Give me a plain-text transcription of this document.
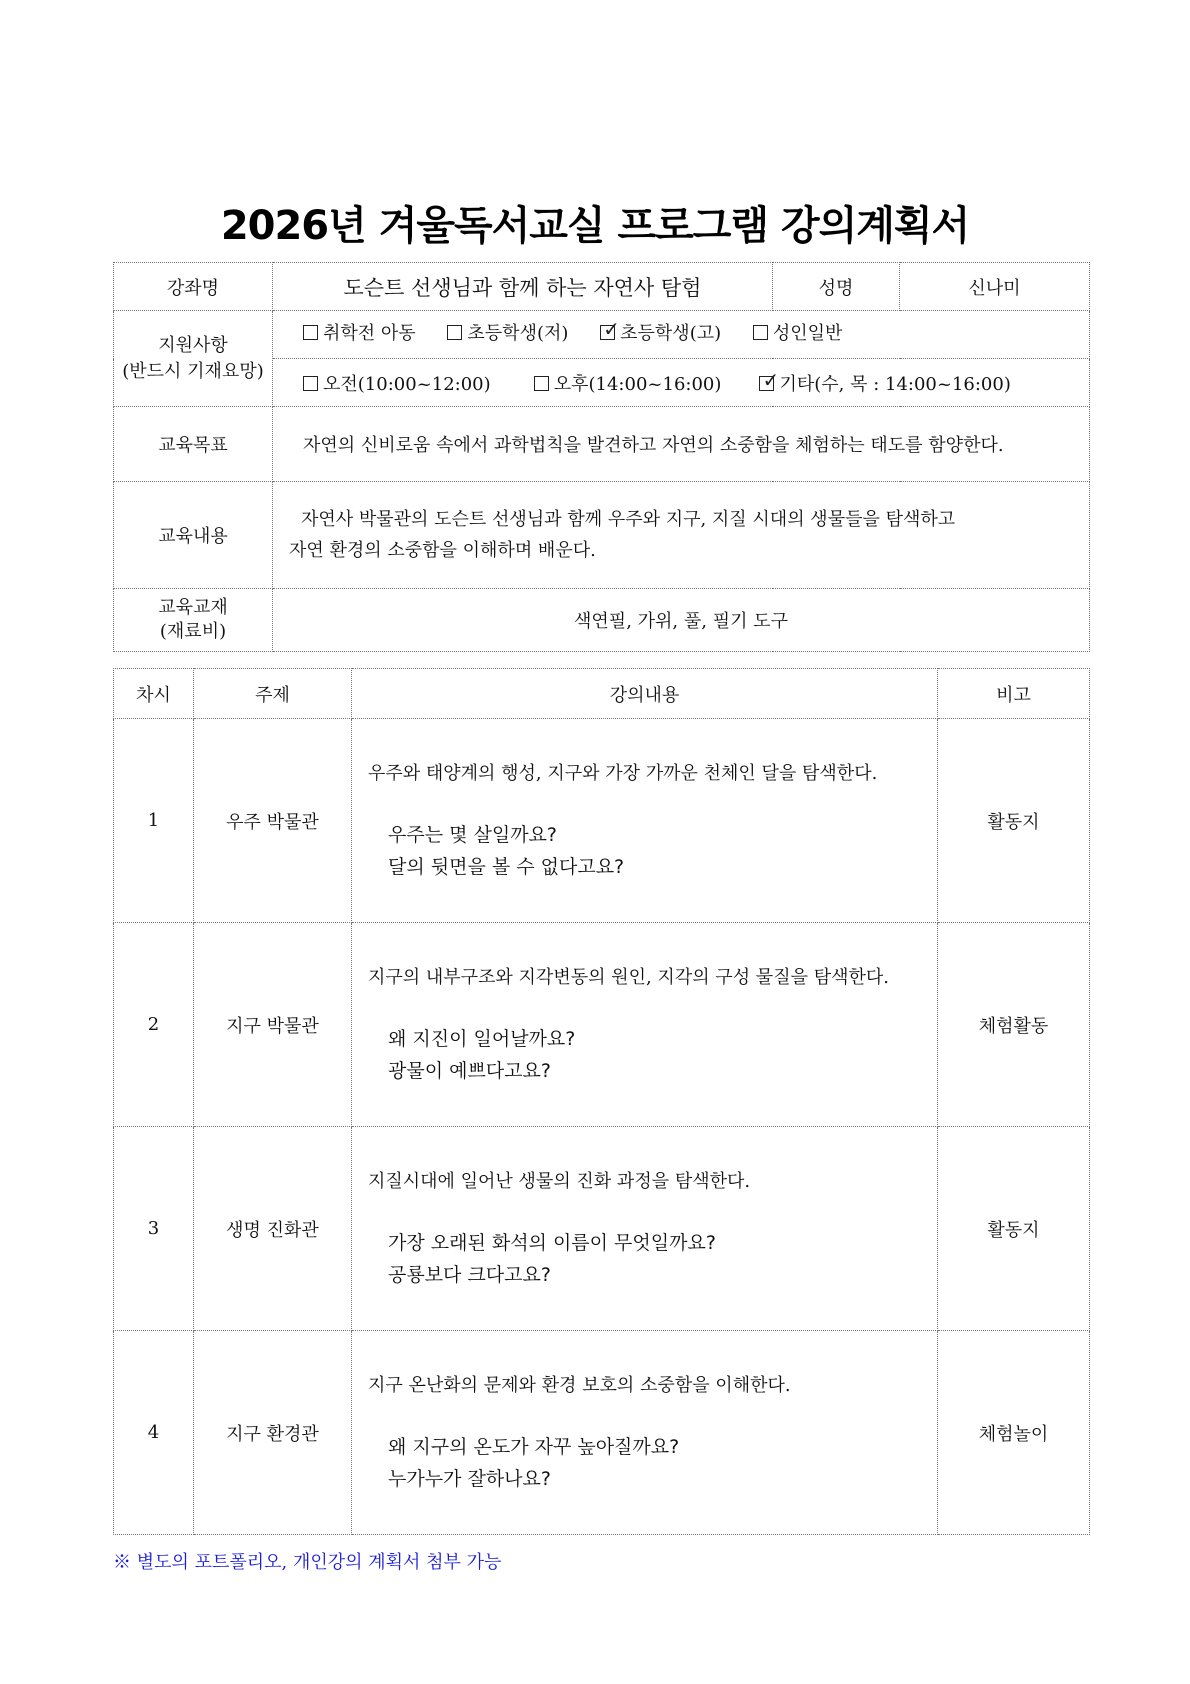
2026년 겨울독서교실 프로그램 강의계획서
강좌명	도슨트 선생님과 함께 하는 자연사 탐험	성명	신나미

지원사항
(반드시 기재요망)	취학전 아동 초등학생(저) ✓ 초등학생(고) 성인일반
	오전(10:00~12:00) 오후(14:00~16:00) ✓ 기타(수, 목 : 14:00~16:00)
교육목표	자연의 신비로움 속에서 과학법칙을 발견하고 자연의 소중함을 체험하는 태도를 함양한다.		
교육내용	자연사 박물관의 도슨트 선생님과 함께 우주와 지구, 지질 시대의 생물들을 탐색하고
자연 환경의 소중함을 이해하며 배운다.		

교육교재
(재료비)	색연필, 가위, 풀, 필기 도구		
차시	주제	강의내용	비고
1	우주 박물관	우주와 태양계의 행성, 지구와 가장 가까운 천체인 달을 탐색한다.
우주는 몇 살일까요?
달의 뒷면을 볼 수 없다고요?	활동지
2	지구 박물관	지구의 내부구조와 지각변동의 원인, 지각의 구성 물질을 탐색한다.
왜 지진이 일어날까요?
광물이 예쁘다고요?	체험활동
3	생명 진화관	지질시대에 일어난 생물의 진화 과정을 탐색한다.
가장 오래된 화석의 이름이 무엇일까요?
공룡보다 크다고요?	활동지
4	지구 환경관	지구 온난화의 문제와 환경 보호의 소중함을 이해한다.
왜 지구의 온도가 자꾸 높아질까요?
누가누가 잘하나요?	체험놀이
※ 별도의 포트폴리오, 개인강의 계획서 첨부 가능
